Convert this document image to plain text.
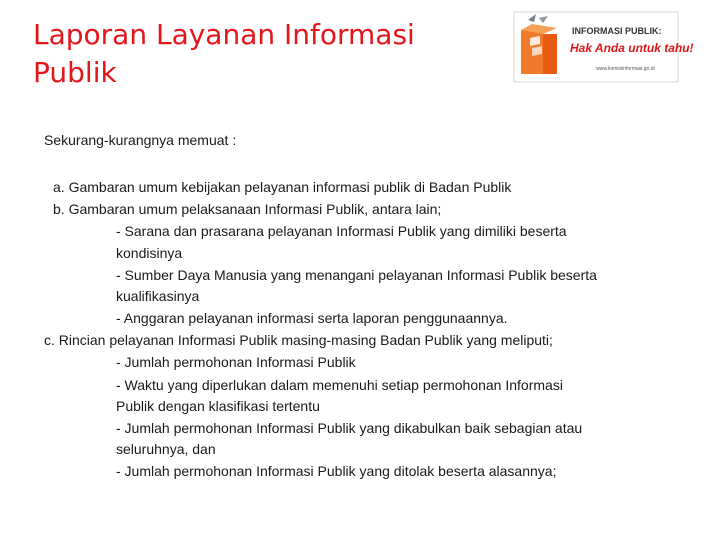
Laporan Layanan Informasi
Publik
INFORMASI PUBLIK:
Hak Anda untuk tahu!
www.komisiinformasi.go.id
Sekurang-kurangnya memuat :
a. Gambaran umum kebijakan pelayanan informasi publik di Badan Publik
b. Gambaran umum pelaksanaan Informasi Publik, antara lain;
- Sarana dan prasarana pelayanan Informasi Publik yang dimiliki beserta
kondisinya
- Sumber Daya Manusia yang menangani pelayanan Informasi Publik beserta
kualifikasinya
- Anggaran pelayanan informasi serta laporan penggunaannya.
c. Rincian pelayanan Informasi Publik masing-masing Badan Publik yang meliputi;
- Jumlah permohonan Informasi Publik
- Waktu yang diperlukan dalam memenuhi setiap permohonan Informasi
Publik dengan klasifikasi tertentu
- Jumlah permohonan Informasi Publik yang dikabulkan baik sebagian atau
seluruhnya, dan
- Jumlah permohonan Informasi Publik yang ditolak beserta alasannya;
